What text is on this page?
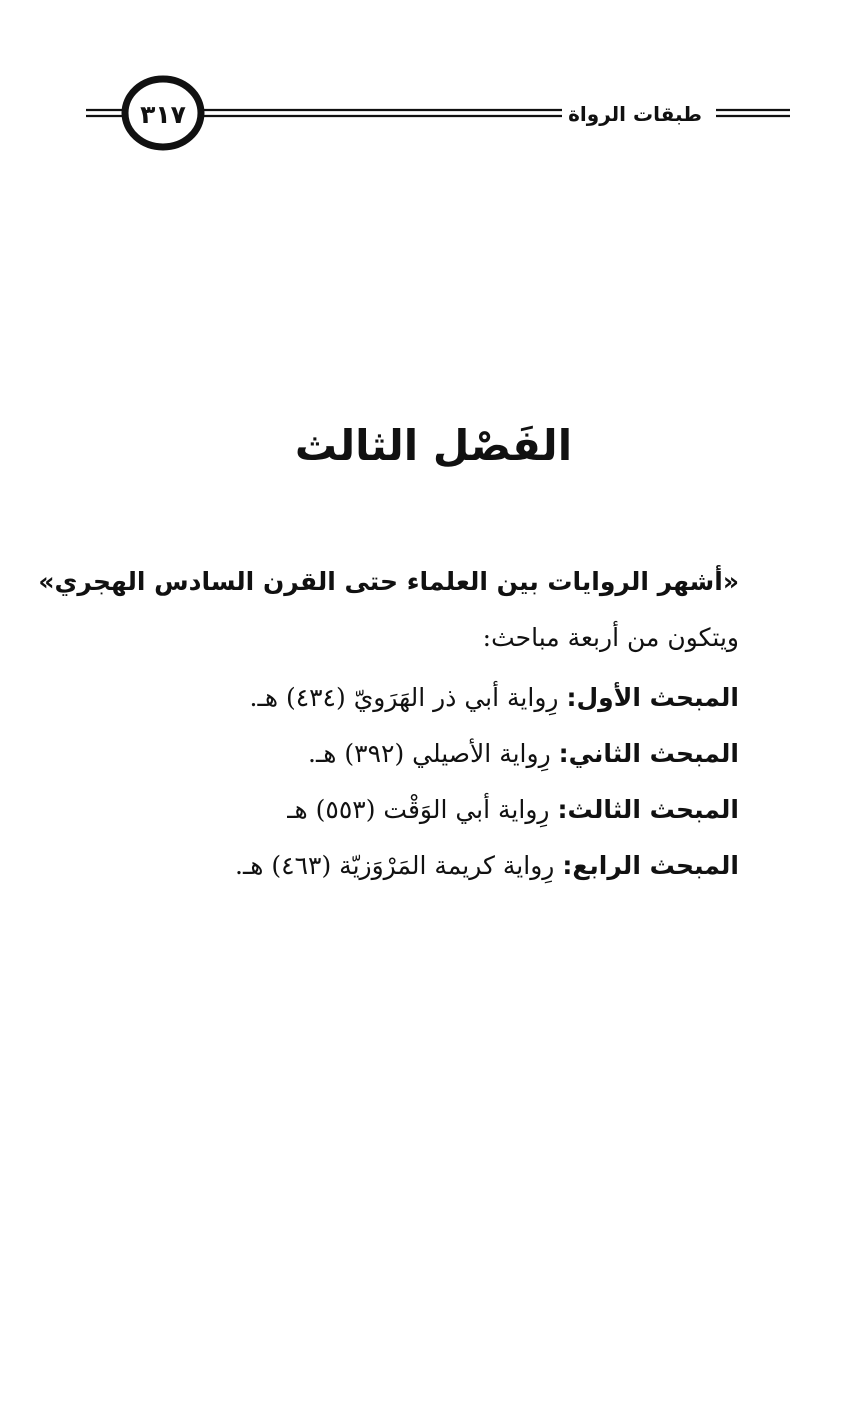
٣١٧	طبقات الرواة
الفَصْل الثالث
«أشهر الروايات بين العلماء حتى القرن السادس الهجري»
ويتكون من أربعة مباحث:
المبحث الأول:
رِواية أبي ذر الهَرَويّ (٤٣٤) هـ.
المبحث الثاني:
رِواية الأصيلي (٣٩٢) هـ.
المبحث الثالث:
رِواية أبي الوَقْت (٥٥٣) هـ
المبحث الرابع:
رِواية كريمة المَرْوَزيّة (٤٦٣) هـ.
